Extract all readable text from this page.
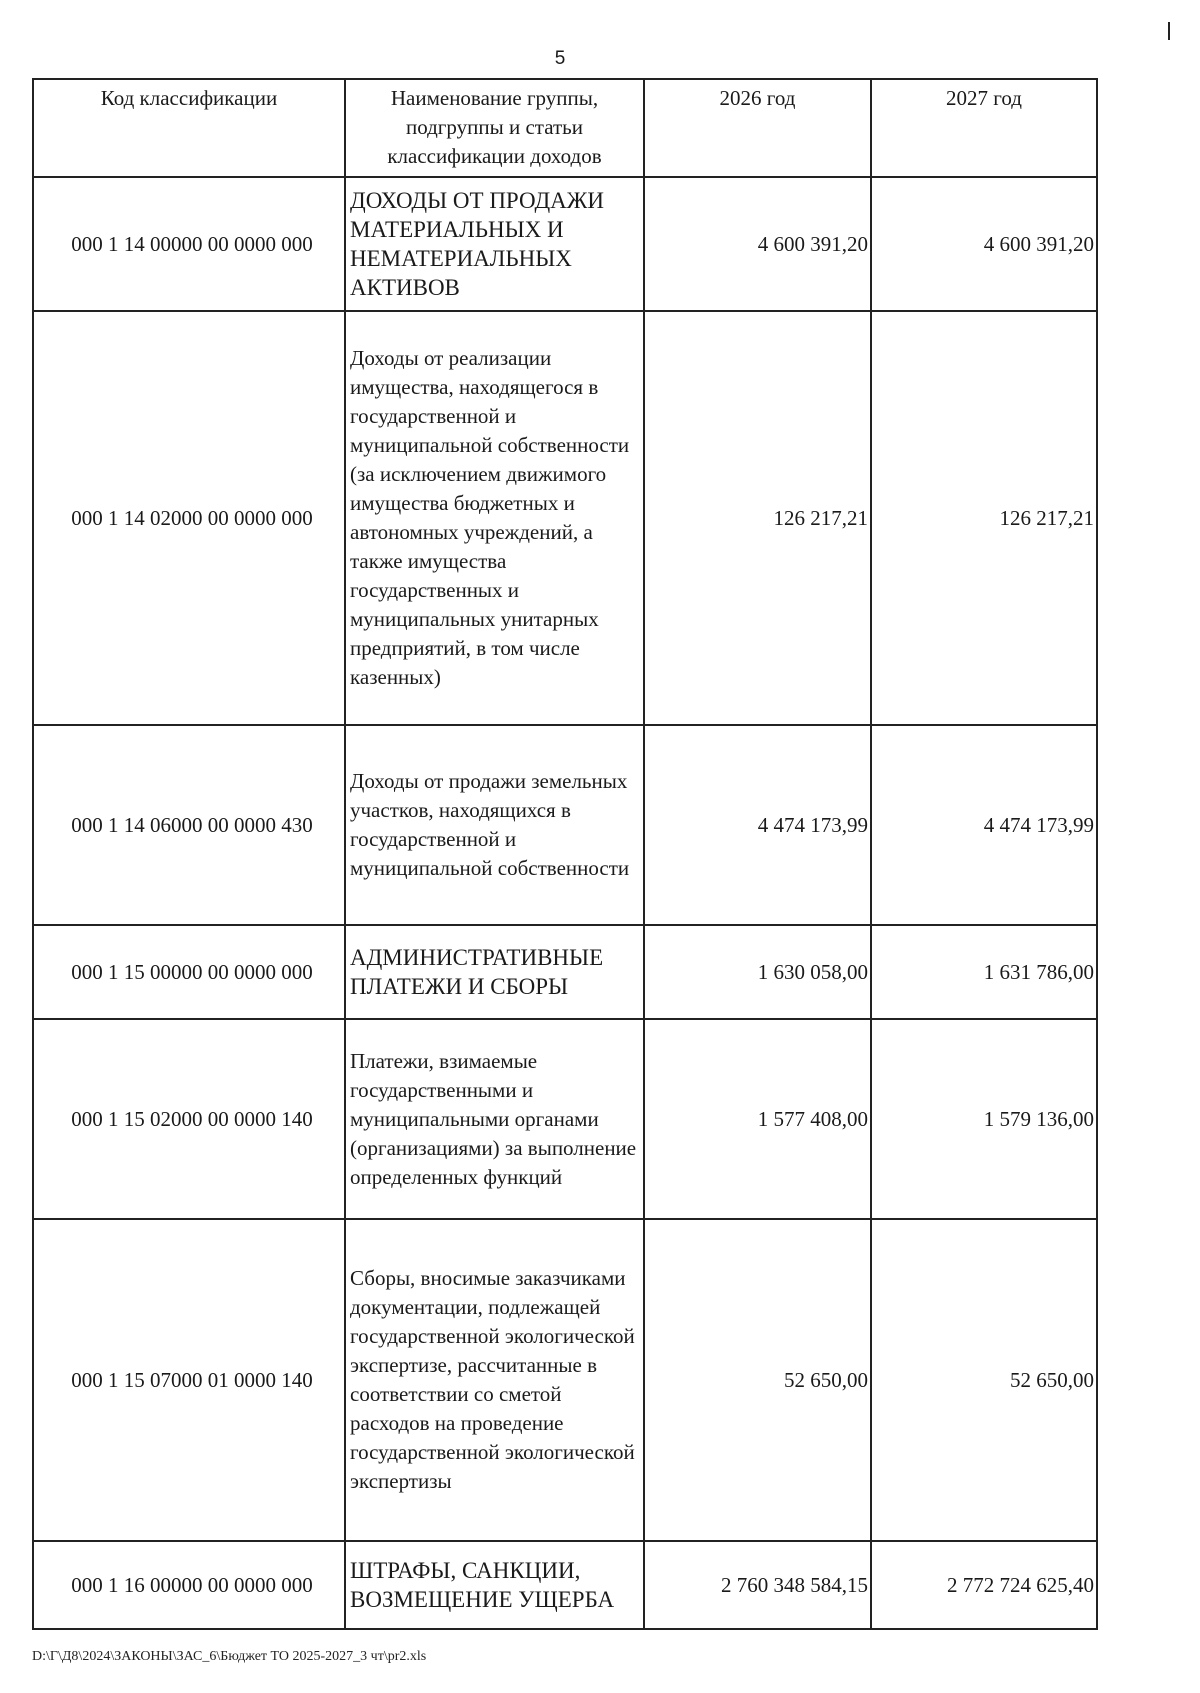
5
Код классификации	Наименование группы, подгруппы и статьи классификации доходов	2026 год	2027 год
000 1 14 00000 00 0000 000	ДОХОДЫ ОТ ПРОДАЖИ МАТЕРИАЛЬНЫХ И НЕМАТЕРИАЛЬНЫХ АКТИВОВ	4 600 391,20	4 600 391,20
000 1 14 02000 00 0000 000	Доходы от реализации имущества, находящегося в государственной и муниципальной собственности (за исключением движимого имущества бюджетных и автономных учреждений, а также имущества государственных и муниципальных унитарных предприятий, в том числе казенных)	126 217,21	126 217,21
000 1 14 06000 00 0000 430	Доходы от продажи земельных участков, находящихся в государственной и муниципальной собственности	4 474 173,99	4 474 173,99
000 1 15 00000 00 0000 000	АДМИНИСТРАТИВНЫЕ ПЛАТЕЖИ И СБОРЫ	1 630 058,00	1 631 786,00
000 1 15 02000 00 0000 140	Платежи, взимаемые государственными и муниципальными органами (организациями) за выполнение определенных функций	1 577 408,00	1 579 136,00
000 1 15 07000 01 0000 140	Сборы, вносимые заказчиками документации, подлежащей государственной экологической экспертизе, рассчитанные в соответствии со сметой расходов на проведение государственной экологической экспертизы	52 650,00	52 650,00
000 1 16 00000 00 0000 000	ШТРАФЫ, САНКЦИИ, ВОЗМЕЩЕНИЕ УЩЕРБА	2 760 348 584,15	2 772 724 625,40
D:\Г\Д8\2024\ЗАКОНЫ\ЗАС_6\Бюджет ТО 2025-2027_3 чт\pr2.xls
